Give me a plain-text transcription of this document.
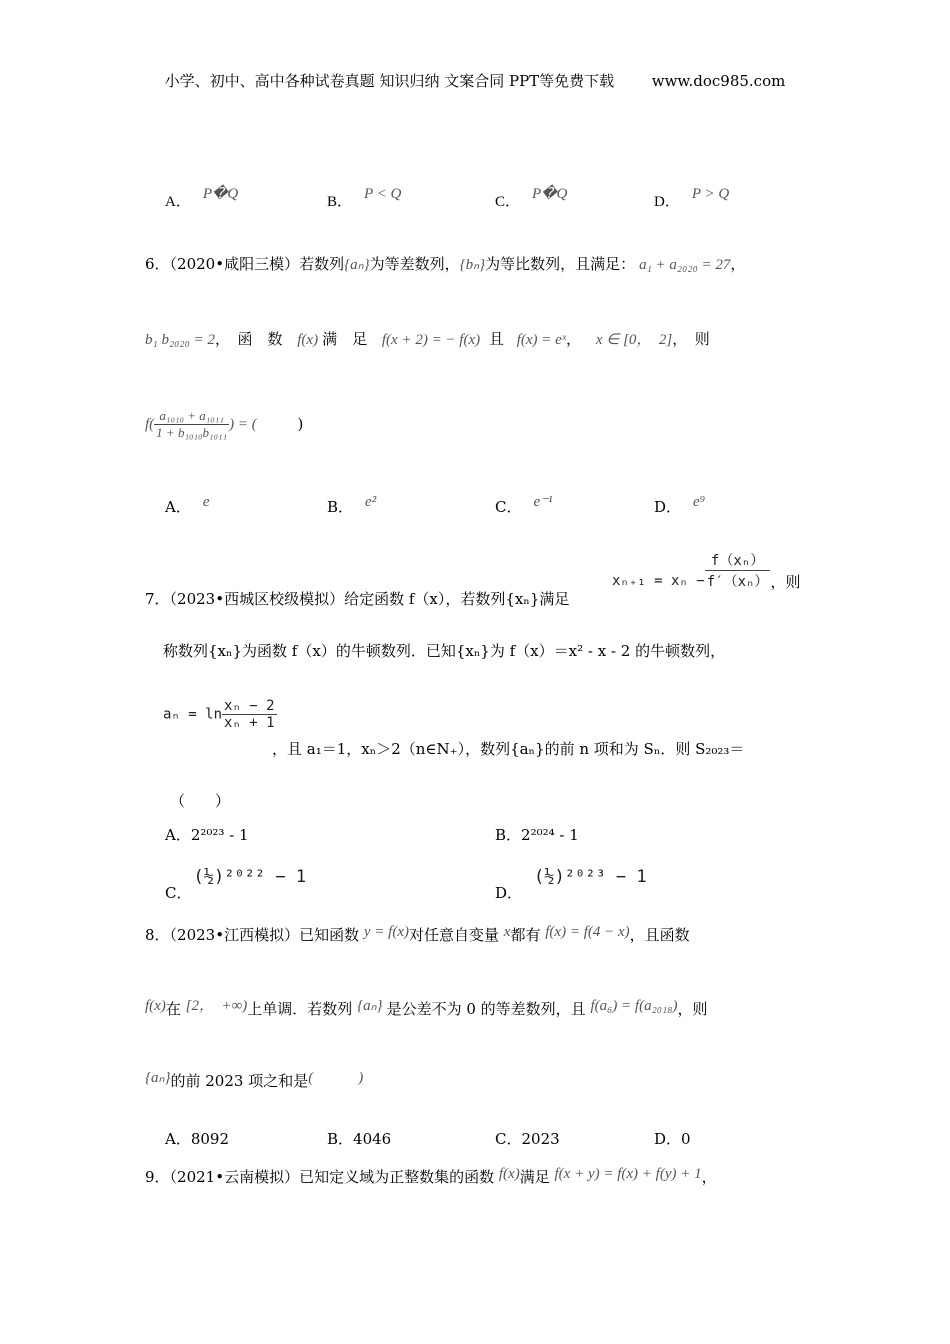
小学、初中、高中各种试卷真题 知识归纳 文案合同 PPT等免费下载	www.doc985.com
A． P�Q	B． P < Q	C． P�Q	D． P > Q
6．（2020•咸阳三模）若数列{aₙ}为等差数列，{bₙ}为等比数列，且满足： a₁ + a₂₀₂₀ = 27，
b₁ b₂₀₂₀ = 2，　函　数 f(x) 满　足 f(x + 2) = − f(x) 且 f(x) = eˣ， x ∈ [0，　2]，　则
$f( \frac{\text{a₁₀₁₀ + a₁₀₁₁}}{\text{1 + b₁₀₁₀b₁₀₁₁}}$ ) = (	)
A． e	B． e²	C． e⁻¹	D． e⁹
7．（2023•西城区校级模拟）给定函数 f（x），若数列{xₙ}满足
$x_{n+1} = x_n - \frac{\text{f（xₙ）}}{\text{f′（xₙ）}}$ ，则
称数列{xₙ}为函数 f（x）的牛顿数列．已知{xₙ}为 f（x）＝x² - x - 2 的牛顿数列，
$a_n = \ln \frac{\text{xₙ − 2}}{\text{xₙ + 1}}$
，且 a₁＝1，xₙ＞2（n∈N₊），数列{aₙ}的前 n 项和为 Sₙ．则 S₂₀₂₃＝
（　　）
A．2²⁰²³ - 1	B．2²⁰²⁴ - 1
C．(½)²⁰²² − 1
D．(½)²⁰²³ − 1
8．（2023•江西模拟）已知函数 y = f(x)对任意自变量 x都有 f(x) = f(4 − x)，且函数
f(x)在 [2，　+∞)上单调．若数列 {aₙ} 是公差不为 0 的等差数列，且 f(a₆) = f(a₂₀₁₈)，则
{aₙ}的前 2023 项之和是(　　　)
A．8092	B．4046	C．2023	D．0
9．（2021•云南模拟）已知定义域为正整数集的函数 f(x)满足 f(x + y) = f(x) + f(y) + 1，
